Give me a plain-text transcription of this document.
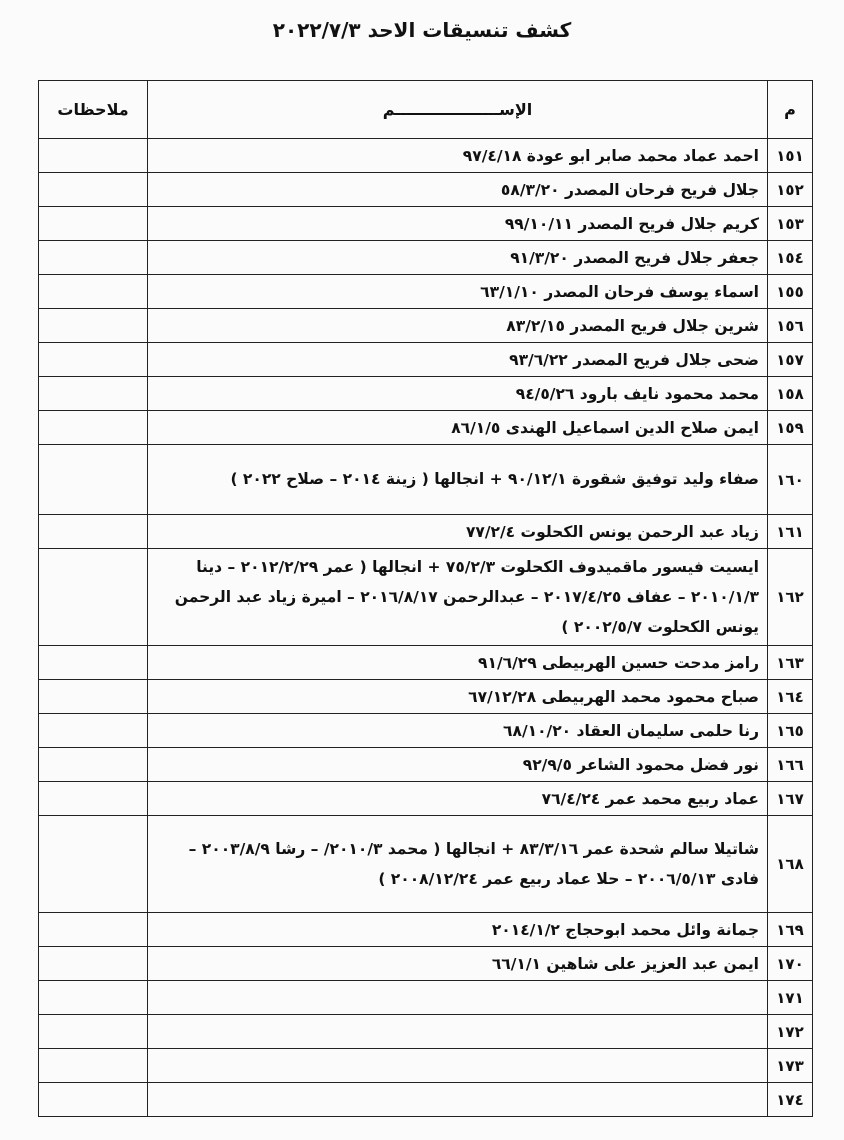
كشف تنسيقات الاحد ٢٠٢٢/٧/٣
م	الإســـــــــــــــــــم	ملاحظات
١٥١	احمد عماد محمد صابر ابو عودة ٩٧/٤/١٨	
١٥٢	جلال فريح فرحان المصدر ٥٨/٣/٢٠	
١٥٣	كريم جلال فريح المصدر ٩٩/١٠/١١	
١٥٤	جعفر جلال فريح المصدر ٩١/٣/٢٠	
١٥٥	اسماء يوسف فرحان المصدر ٦٣/١/١٠	
١٥٦	شرين جلال فريح المصدر ٨٣/٢/١٥	
١٥٧	ضحى جلال فريح المصدر ٩٣/٦/٢٢	
١٥٨	محمد محمود نايف بارود ٩٤/٥/٢٦	
١٥٩	ايمن صلاح الدين اسماعيل الهندى ٨٦/١/٥	
١٦٠	صفاء وليد توفيق شقورة ٩٠/١٢/١ + انجالها ( زينة ٢٠١٤ – صلاح ٢٠٢٢ )	
١٦١	زياد عبد الرحمن يونس الكحلوت ٧٧/٢/٤	
١٦٢	ايسيت فيسور ماقميدوف الكحلوت ٧٥/٢/٣ + انجالها ( عمر ٢٠١٢/٢/٢٩ – دينا ٢٠١٠/١/٣ – عفاف ٢٠١٧/٤/٢٥ – عبدالرحمن ٢٠١٦/٨/١٧ – اميرة زياد عبد الرحمن يونس الكحلوت ٢٠٠٢/٥/٧ )	
١٦٣	رامز مدحت حسين الهربيطى ٩١/٦/٢٩	
١٦٤	صباح محمود محمد الهربيطى ٦٧/١٢/٢٨	
١٦٥	رنا حلمى سليمان العقاد ٦٨/١٠/٢٠	
١٦٦	نور فضل محمود الشاعر ٩٢/٩/٥	
١٦٧	عماد ربيع محمد عمر ٧٦/٤/٢٤	
١٦٨	شاتيلا سالم شحدة عمر ٨٣/٣/١٦ + انجالها ( محمد ٢٠١٠/٣/ – رشا ٢٠٠٣/٨/٩ – فادى ٢٠٠٦/٥/١٣ – حلا عماد ربيع عمر ٢٠٠٨/١٢/٢٤ )	
١٦٩	جمانة وائل محمد ابوحجاج ٢٠١٤/١/٢	
١٧٠	ايمن عبد العزيز على شاهين ٦٦/١/١	
١٧١		
١٧٢		
١٧٣		
١٧٤		
